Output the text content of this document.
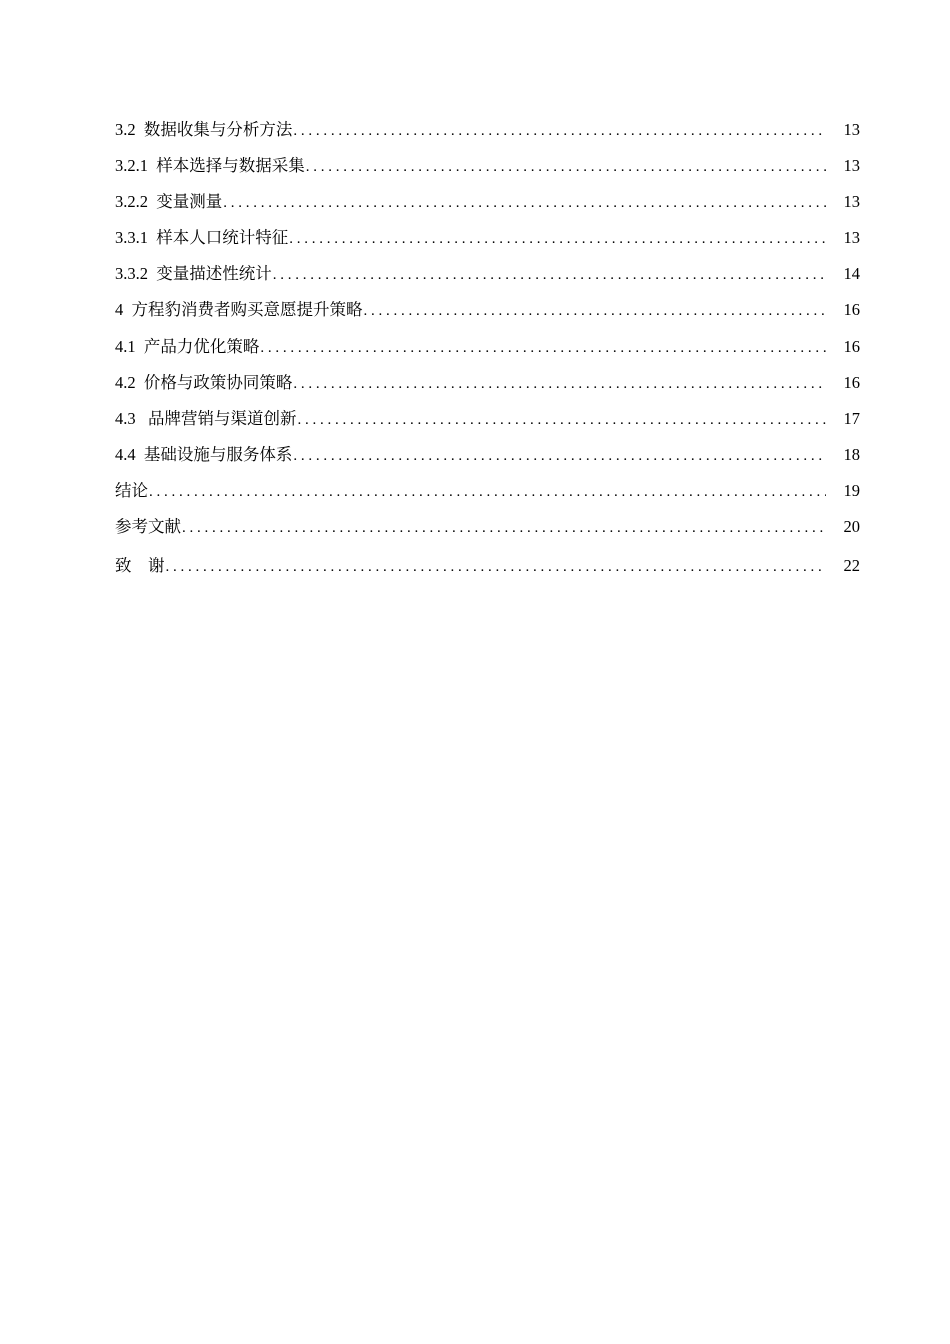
3.2  数据收集与分析方法 . . .	13
3.2.1  样本选择与数据采集 . . .	13
3.2.2  变量测量 . . .	13
3.3.1  样本人口统计特征 . . .	13
3.3.2  变量描述性统计 . . .	14
4  方程豹消费者购买意愿提升策略 . . .	16
4.1  产品力优化策略 . . .	16
4.2  价格与政策协同策略 . . .	16
4.3   品牌营销与渠道创新 . . .	17
4.4  基础设施与服务体系 . . .	18
结论 . . .	19
参考文献 . . .	20
致    谢 . . .	22
